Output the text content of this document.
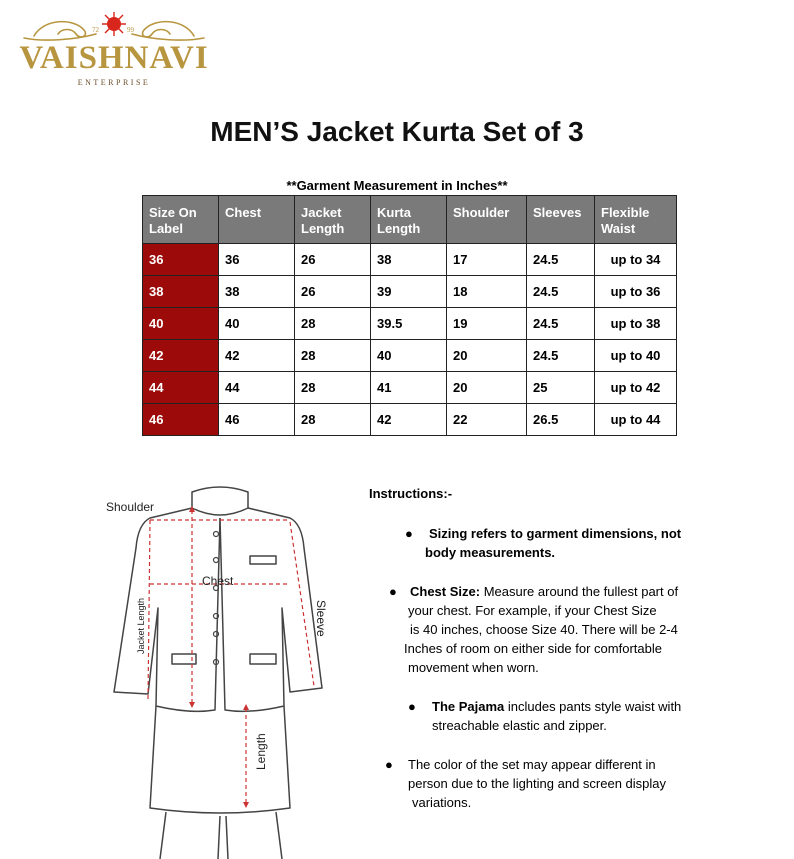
72	99
VAISHNAVI
ENTERPRISE
MEN’S Jacket Kurta Set of 3
**Garment Measurement in Inches**
Size On Label	Chest	Jacket Length	Kurta Length	Shoulder	Sleeves	Flexible Waist
36	36	26	38	17	24.5	up to 34
38	38	26	39	18	24.5	up to 36
40	40	28	39.5	19	24.5	up to 38
42	42	28	40	20	24.5	up to 40
44	44	28	41	20	25	up to 42
46	46	28	42	22	26.5	up to 44
Shoulder
Chest
Jacket Length	Sleeve
Length
Instructions:-
● Sizing refers to garment dimensions, not
body measurements.
● Chest Size: Measure around the fullest part of
your chest. For example, if your Chest Size
is 40 inches, choose Size 40. There will be 2-4
Inches of room on either side for comfortable
movement when worn.
● The Pajama includes pants style waist with
streachable elastic and zipper.
● The color of the set may appear different in
person due to the lighting and screen display
variations.
